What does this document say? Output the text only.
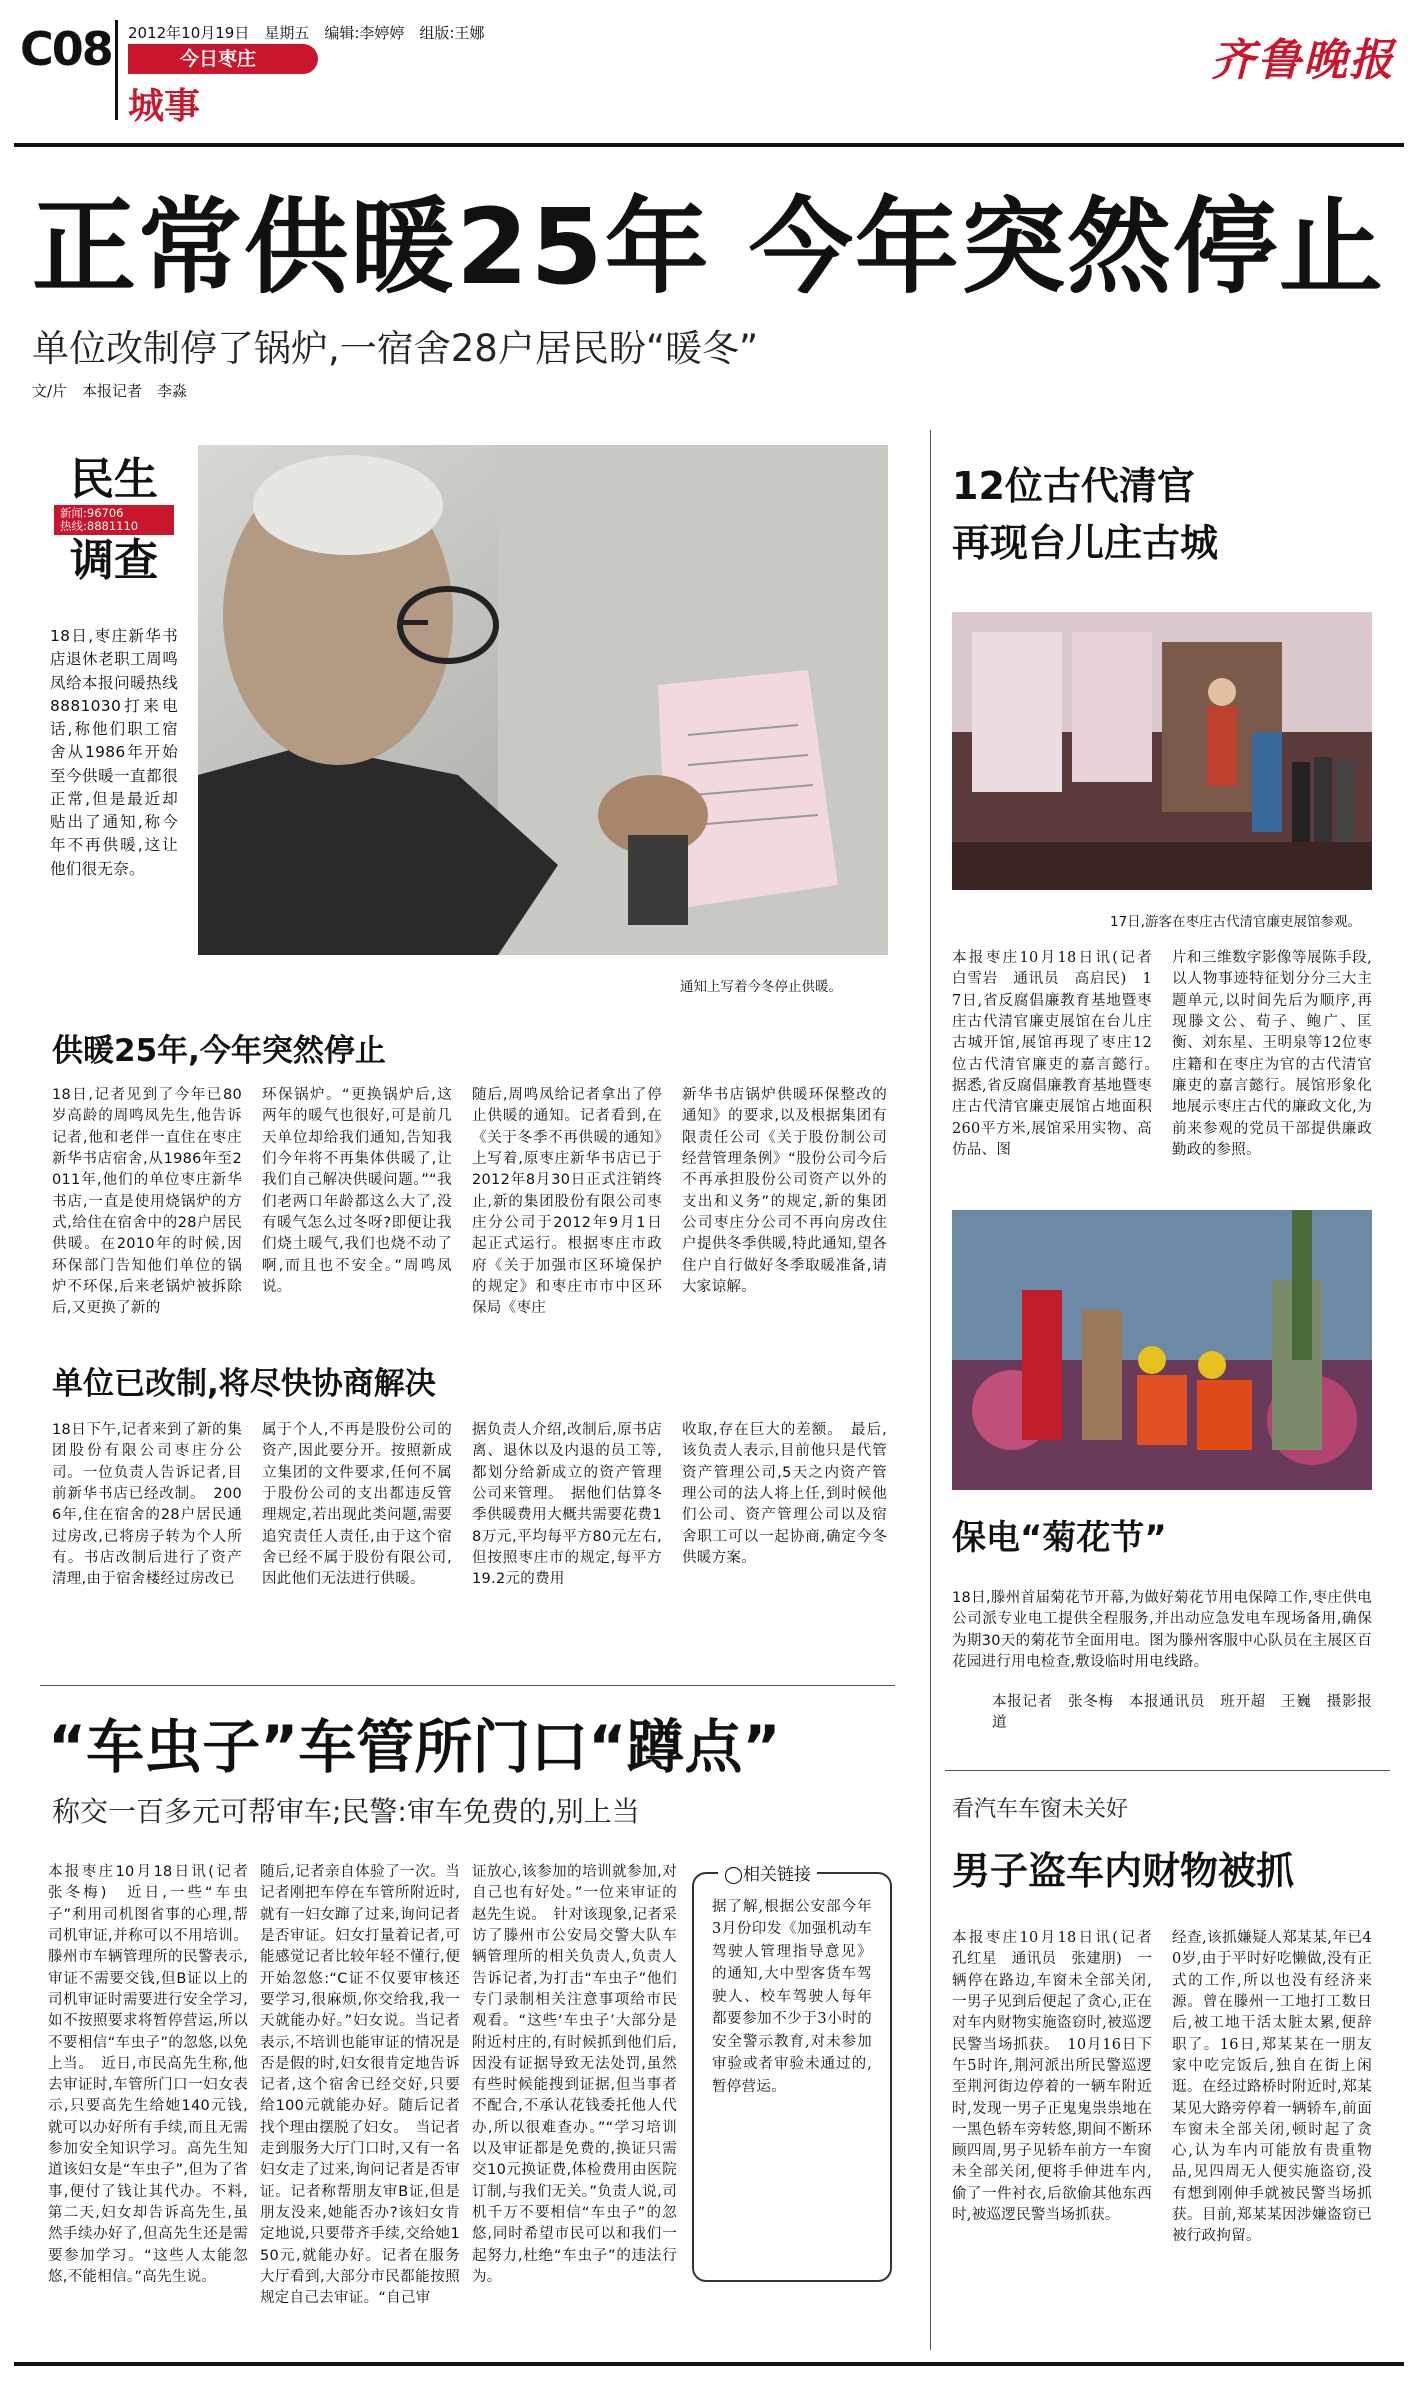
C08 2012年10月19日　星期五　编辑:李婷婷　组版:王娜
今日枣庄
城事
齐鲁晚报
正常供暖25年 今年突然停止
单位改制停了锅炉,一宿舍28户居民盼“暖冬”
文/片　本报记者　李淼
民生
新闻:96706
热线:8881110
调查
18日,枣庄新华书店退休老职工周鸣凤给本报问暖热线8881030打来电话,称他们职工宿舍从1986年开始至今供暖一直都很正常,但是最近却贴出了通知,称今年不再供暖,这让他们很无奈。
通知上写着今冬停止供暖。
供暖25年,今年突然停止
18日,记者见到了今年已80岁高龄的周鸣凤先生,他告诉记者,他和老伴一直住在枣庄新华书店宿舍,从1986年至2011年,他们的单位枣庄新华书店,一直是使用烧锅炉的方式,给住在宿舍中的28户居民供暖。在2010年的时候,因环保部门告知他们单位的锅炉不环保,后来老锅炉被拆除后,又更换了新的
环保锅炉。“更换锅炉后,这两年的暖气也很好,可是前几天单位却给我们通知,告知我们今年将不再集体供暖了,让我们自己解决供暖问题。”“我们老两口年龄都这么大了,没有暖气怎么过冬呀?即便让我们烧土暖气,我们也烧不动了啊,而且也不安全。”周鸣凤说。
随后,周鸣凤给记者拿出了停止供暖的通知。记者看到,在《关于冬季不再供暖的通知》上写着,原枣庄新华书店已于2012年8月30日正式注销终止,新的集团股份有限公司枣庄分公司于2012年9月1日起正式运行。根据枣庄市政府《关于加强市区环境保护的规定》和枣庄市市中区环保局《枣庄
新华书店锅炉供暖环保整改的通知》的要求,以及根据集团有限责任公司《关于股份制公司经营管理条例》“股份公司今后不再承担股份公司资产以外的支出和义务”的规定,新的集团公司枣庄分公司不再向房改住户提供冬季供暖,特此通知,望各住户自行做好冬季取暖准备,请大家谅解。
单位已改制,将尽快协商解决
18日下午,记者来到了新的集团股份有限公司枣庄分公司。一位负责人告诉记者,目前新华书店已经改制。　2006年,住在宿舍的28户居民通过房改,已将房子转为个人所有。书店改制后进行了资产清理,由于宿舍楼经过房改已
属于个人,不再是股份公司的资产,因此要分开。按照新成立集团的文件要求,任何不属于股份公司的支出都违反管理规定,若出现此类问题,需要追究责任人责任,由于这个宿舍已经不属于股份有限公司,因此他们无法进行供暖。
据负责人介绍,改制后,原书店离、退休以及内退的员工等,都划分给新成立的资产管理公司来管理。　据他们估算冬季供暖费用大概共需要花费18万元,平均每平方80元左右,但按照枣庄市的规定,每平方19.2元的费用
收取,存在巨大的差额。　最后,该负责人表示,目前他只是代管资产管理公司,5天之内资产管理公司的法人将上任,到时候他们公司、资产管理公司以及宿舍职工可以一起协商,确定今冬供暖方案。
“车虫子”车管所门口“蹲点”
称交一百多元可帮审车;民警:审车免费的,别上当
本报枣庄10月18日讯(记者　张冬梅)　近日,一些“车虫子”利用司机图省事的心理,帮司机审证,并称可以不用培训。滕州市车辆管理所的民警表示,审证不需要交钱,但B证以上的司机审证时需要进行安全学习,如不按照要求将暂停营运,所以不要相信“车虫子”的忽悠,以免上当。　近日,市民高先生称,他去审证时,车管所门口一妇女表示,只要高先生给她140元钱,就可以办好所有手续,而且无需参加安全知识学习。高先生知道该妇女是“车虫子”,但为了省事,便付了钱让其代办。不料,第二天,妇女却告诉高先生,虽然手续办好了,但高先生还是需要参加学习。“这些人太能忽悠,不能相信。”高先生说。
随后,记者亲自体验了一次。当记者刚把车停在车管所附近时,就有一妇女蹿了过来,询问记者是否审证。妇女打量着记者,可能感觉记者比较年轻不懂行,便开始忽悠:“C证不仅要审核还要学习,很麻烦,你交给我,我一天就能办好。”妇女说。当记者表示,不培训也能审证的情况是否是假的时,妇女很肯定地告诉记者,这个宿舍已经交好,只要给100元就能办好。随后记者找个理由摆脱了妇女。　当记者走到服务大厅门口时,又有一名妇女走了过来,询问记者是否审证。记者称帮朋友审B证,但是朋友没来,她能否办?该妇女肯定地说,只要带齐手续,交给她150元,就能办好。记者在服务大厅看到,大部分市民都能按照规定自己去审证。“自己审
证放心,该参加的培训就参加,对自己也有好处。”一位来审证的赵先生说。　针对该现象,记者采访了滕州市公安局交警大队车辆管理所的相关负责人,负责人告诉记者,为打击“车虫子”他们专门录制相关注意事项给市民观看。“这些‘车虫子’大部分是附近村庄的,有时候抓到他们后,因没有证据导致无法处罚,虽然有些时候能搜到证据,但当事者不配合,不承认花钱委托他人代办,所以很难查办。”“学习培训以及审证都是免费的,换证只需交10元换证费,体检费用由医院订制,与我们无关。”负责人说,司机千万不要相信“车虫子”的忽悠,同时希望市民可以和我们一起努力,杜绝“车虫子”的违法行为。
◯相关链接
据了解,根据公安部今年3月份印发《加强机动车驾驶人管理指导意见》的通知,大中型客货车驾驶人、校车驾驶人每年都要参加不少于3小时的安全警示教育,对未参加审验或者审验未通过的,暂停营运。
12位古代清官
再现台儿庄古城
17日,游客在枣庄古代清官廉吏展馆参观。
本报枣庄10月18日讯(记者　白雪岩　通讯员　高启民)　17日,省反腐倡廉教育基地暨枣庄古代清官廉吏展馆在台儿庄古城开馆,展馆再现了枣庄12位古代清官廉吏的嘉言懿行。　据悉,省反腐倡廉教育基地暨枣庄古代清官廉吏展馆占地面积260平方米,展馆采用实物、高仿品、图
片和三维数字影像等展陈手段,以人物事迹特征划分分三大主题单元,以时间先后为顺序,再现滕文公、荀子、鲍广、匡衡、刘东星、王明泉等12位枣庄籍和在枣庄为官的古代清官廉吏的嘉言懿行。展馆形象化地展示枣庄古代的廉政文化,为前来参观的党员干部提供廉政勤政的参照。
保电“菊花节”
18日,滕州首届菊花节开幕,为做好菊花节用电保障工作,枣庄供电公司派专业电工提供全程服务,并出动应急发电车现场备用,确保为期30天的菊花节全面用电。图为滕州客服中心队员在主展区百花园进行用电检查,敷设临时用电线路。
本报记者　张冬梅　本报通讯员　班开超　王巍　摄影报道
看汽车车窗未关好
男子盗车内财物被抓
本报枣庄10月18日讯(记者　孔红星　通讯员　张建朋)　一辆停在路边,车窗未全部关闭,一男子见到后便起了贪心,正在对车内财物实施盗窃时,被巡逻民警当场抓获。　10月16日下午5时许,荆河派出所民警巡逻至荆河街边停着的一辆车附近时,发现一男子正鬼鬼祟祟地在一黑色轿车旁转悠,期间不断环顾四周,男子见轿车前方一车窗未全部关闭,便将手伸进车内,偷了一件衬衣,后欲偷其他东西时,被巡逻民警当场抓获。
经查,该抓嫌疑人郑某某,年已40岁,由于平时好吃懒做,没有正式的工作,所以也没有经济来源。曾在滕州一工地打工数日后,被工地干活太脏太累,便辞职了。16日,郑某某在一朋友家中吃完饭后,独自在街上闲逛。在经过路桥时附近时,郑某某见大路旁停着一辆轿车,前面车窗未全部关闭,顿时起了贪心,认为车内可能放有贵重物品,见四周无人便实施盗窃,没有想到刚伸手就被民警当场抓获。目前,郑某某因涉嫌盗窃已被行政拘留。
